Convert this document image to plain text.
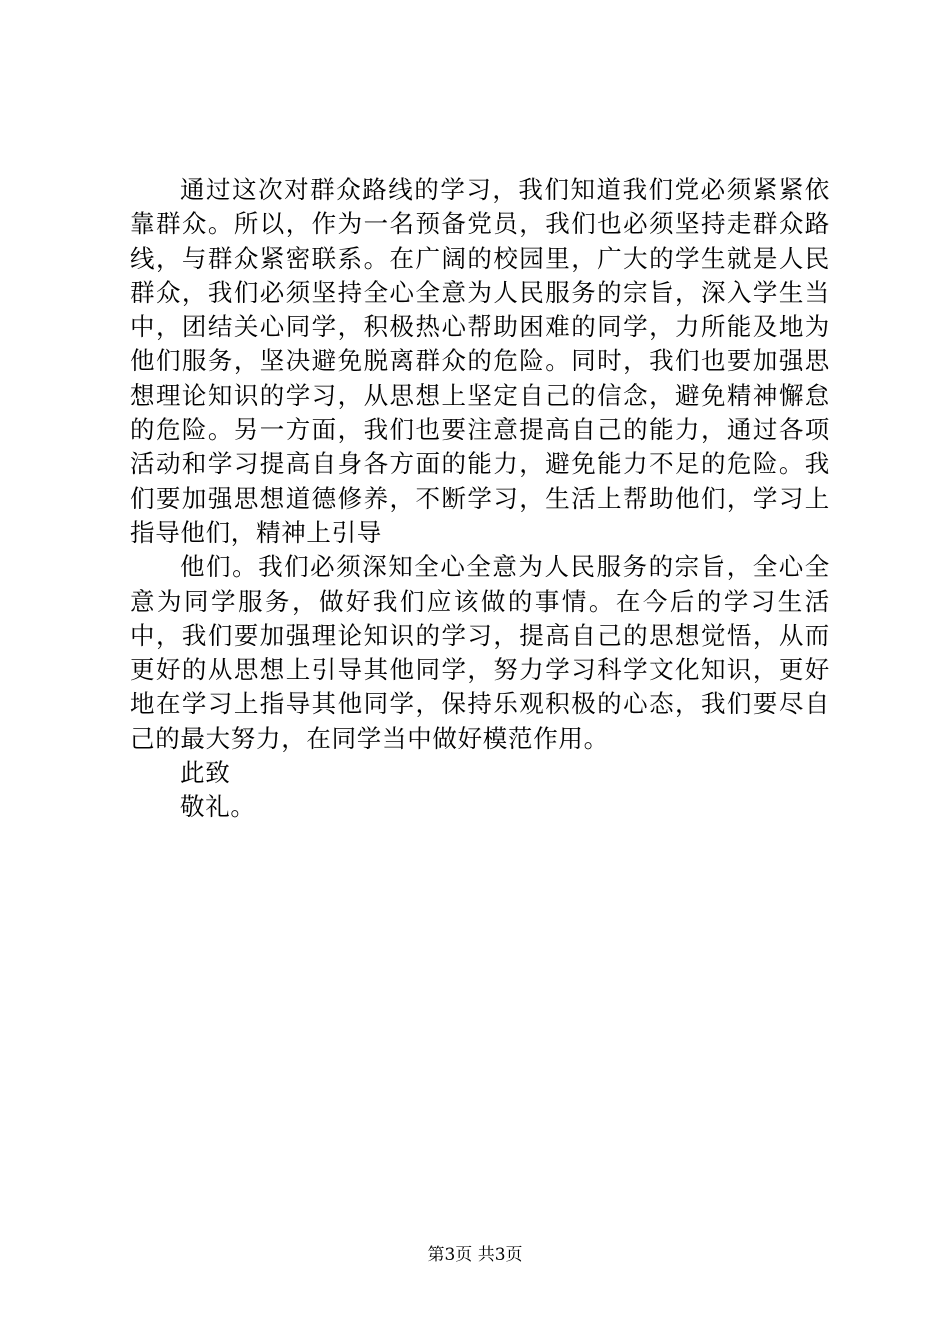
通过这次对群众路线的学习，我们知道我们党必须紧紧依靠群众。所以，作为一名预备党员，我们也必须坚持走群众路线，与群众紧密联系。在广阔的校园里，广大的学生就是人民群众，我们必须坚持全心全意为人民服务的宗旨，深入学生当中，团结关心同学，积极热心帮助困难的同学，力所能及地为他们服务，坚决避免脱离群众的危险。同时，我们也要加强思想理论知识的学习，从思想上坚定自己的信念，避免精神懈怠的危险。另一方面，我们也要注意提高自己的能力，通过各项活动和学习提高自身各方面的能力，避免能力不足的危险。我们要加强思想道德修养，不断学习，生活上帮助他们，学习上指导他们，精神上引导

他们。我们必须深知全心全意为人民服务的宗旨，全心全意为同学服务，做好我们应该做的事情。在今后的学习生活中，我们要加强理论知识的学习，提高自己的思想觉悟，从而更好的从思想上引导其他同学，努力学习科学文化知识，更好地在学习上指导其他同学，保持乐观积极的心态，我们要尽自己的最大努力，在同学当中做好模范作用。

此致

敬礼。

第3页 共3页
